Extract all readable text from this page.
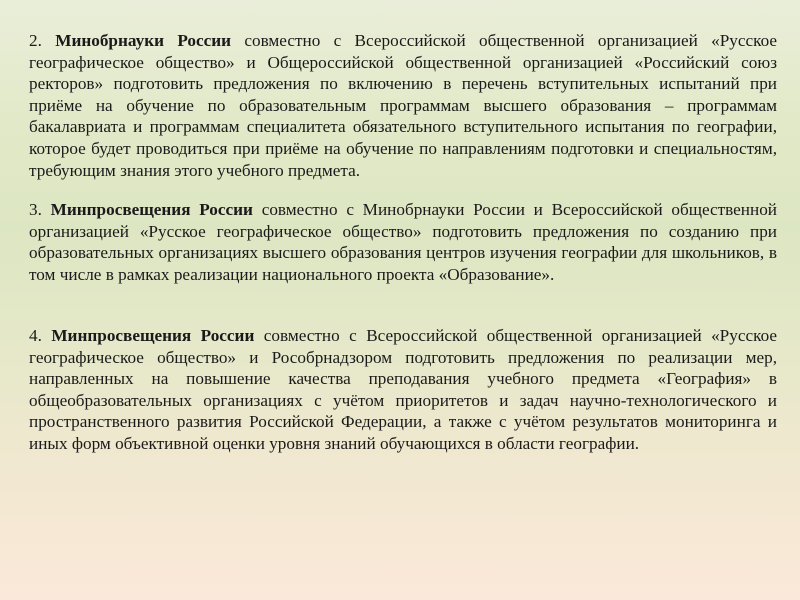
2. Минобрнауки России совместно с Всероссийской общественной организацией «Русское географическое общество» и Общероссийской общественной организацией «Российский союз ректоров» подготовить предложения по включению в перечень вступительных испытаний при приёме на обучение по образовательным программам высшего образования – программам бакалавриата и программам специалитета обязательного вступительного испытания по географии, которое будет проводиться при приёме на обучение по направлениям подготовки и специальностям, требующим знания этого учебного предмета.

3. Минпросвещения России совместно с Минобрнауки России и Всероссийской общественной организацией «Русское географическое общество» подготовить предложения по созданию при образовательных организациях высшего образования центров изучения географии для школьников, в том числе в рамках реализации национального проекта «Образование».

4. Минпросвещения России совместно с Всероссийской общественной организацией «Русское географическое общество» и Рособрнадзором подготовить предложения по реализации мер, направленных на повышение качества преподавания учебного предмета «География» в общеобразовательных организациях с учётом приоритетов и задач научно-технологического и пространственного развития Российской Федерации, а также с учётом результатов мониторинга и иных форм объективной оценки уровня знаний обучающихся в области географии.
